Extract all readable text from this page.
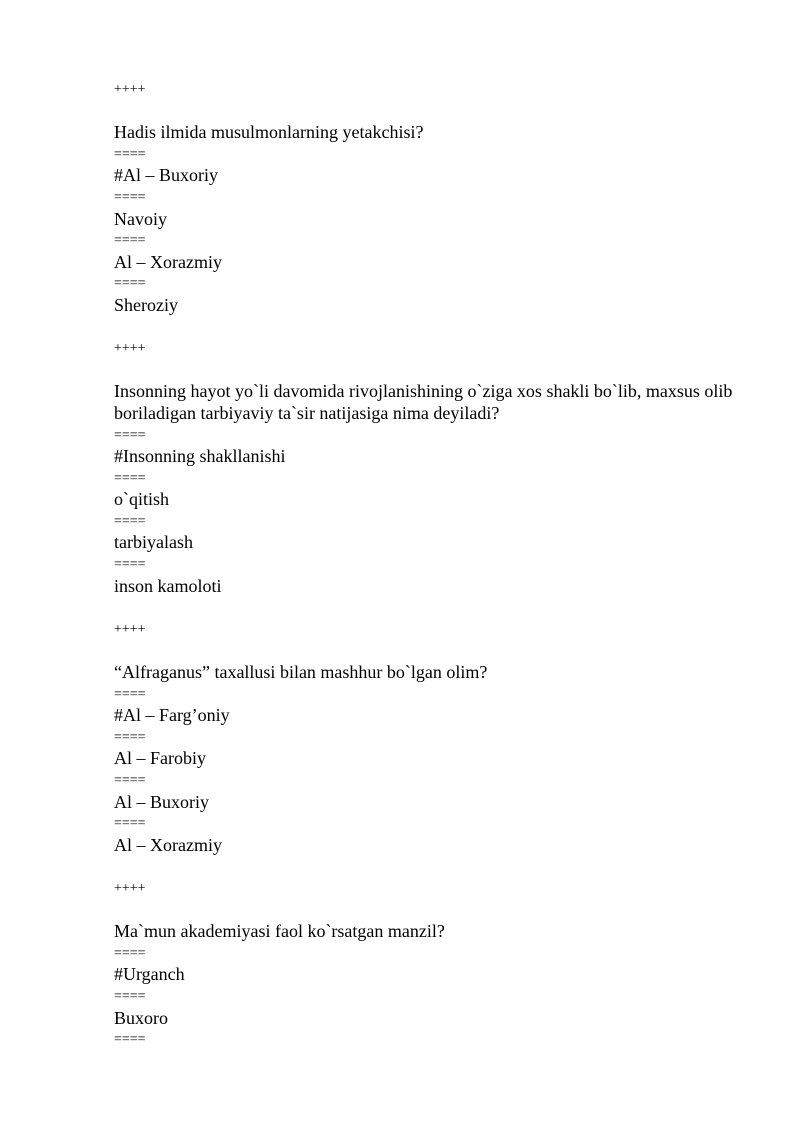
++++
Hadis ilmida musulmonlarning yetakchisi?
====
#Al – Buxoriy
====
Navoiy
====
Al – Xorazmiy
====
Sheroziy
++++
Insonning hayot yo`li davomida rivojlanishining o`ziga xos shakli bo`lib, maxsus olib boriladigan tarbiyaviy ta`sir natijasiga nima deyiladi?
====
#Insonning shakllanishi
====
o`qitish
====
tarbiyalash
====
inson kamoloti
++++
“Alfraganus” taxallusi bilan mashhur bo`lgan olim?
====
#Al – Farg’oniy
====
Al – Farobiy
====
Al – Buxoriy
====
Al – Xorazmiy
++++
Ma`mun akademiyasi faol ko`rsatgan manzil?
====
#Urganch
====
Buxoro
====
